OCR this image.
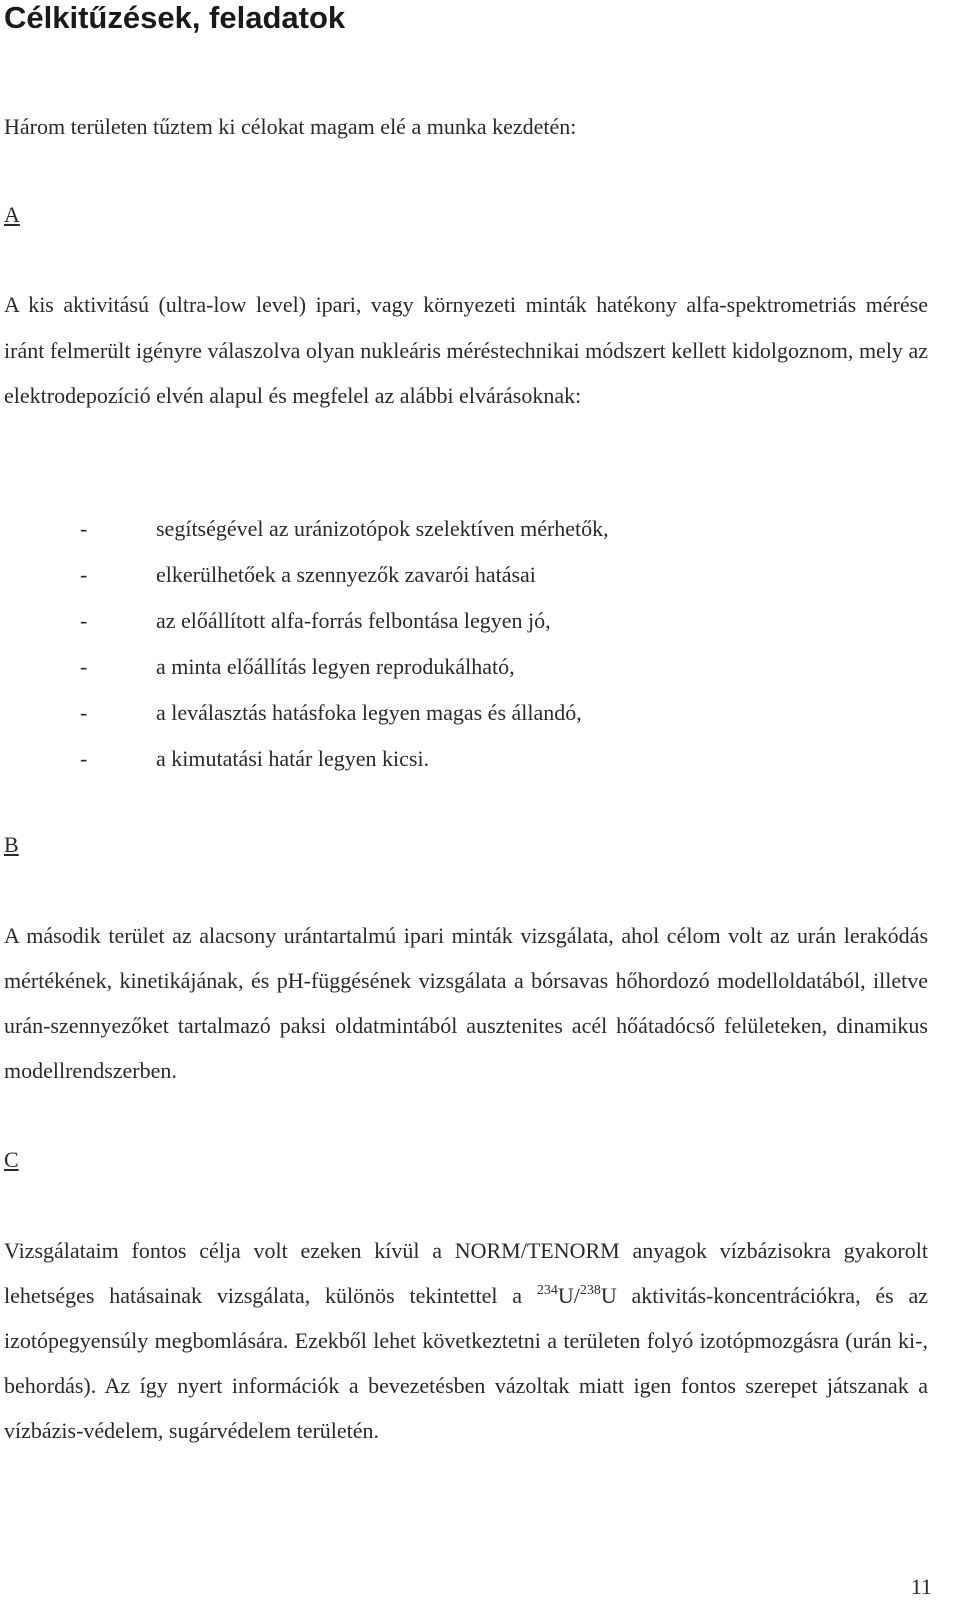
Célkitűzések, feladatok

Három területen tűztem ki célokat magam elé a munka kezdetén:

A

A kis aktivitású (ultra-low level) ipari, vagy környezeti minták hatékony alfa-spektrometriás mérése iránt felmerült igényre válaszolva olyan nukleáris méréstechnikai módszert kellett kidolgoznom, mely az elektrodepozíció elvén alapul és megfelel az alábbi elvárásoknak:

-	segítségével az uránizotópok szelektíven mérhetők,
-	elkerülhetőek a szennyezők zavarói hatásai
-	az előállított alfa-forrás felbontása legyen jó,
-	a minta előállítás legyen reprodukálható,
-	a leválasztás hatásfoka legyen magas és állandó,
-	a kimutatási határ legyen kicsi.

B

A második terület az alacsony urántartalmú ipari minták vizsgálata, ahol célom volt az urán lerakódás mértékének, kinetikájának, és pH-függésének vizsgálata a bórsavas hőhordozó modelloldatából, illetve urán-szennyezőket tartalmazó paksi oldatmintából ausztenites acél hőátadócső felületeken, dinamikus modellrendszerben.

C

Vizsgálataim fontos célja volt ezeken kívül a NORM/TENORM anyagok vízbázisokra gyakorolt lehetséges hatásainak vizsgálata, különös tekintettel a $^{234}$U/$^{238}$U aktivitás-koncentrációkra, és az izotópegyensúly megbomlására. Ezekből lehet következtetni a területen folyó izotópmozgásra (urán ki-, behordás). Az így nyert információk a bevezetésben vázoltak miatt igen fontos szerepet játszanak a vízbázis-védelem, sugárvédelem területén.

11
